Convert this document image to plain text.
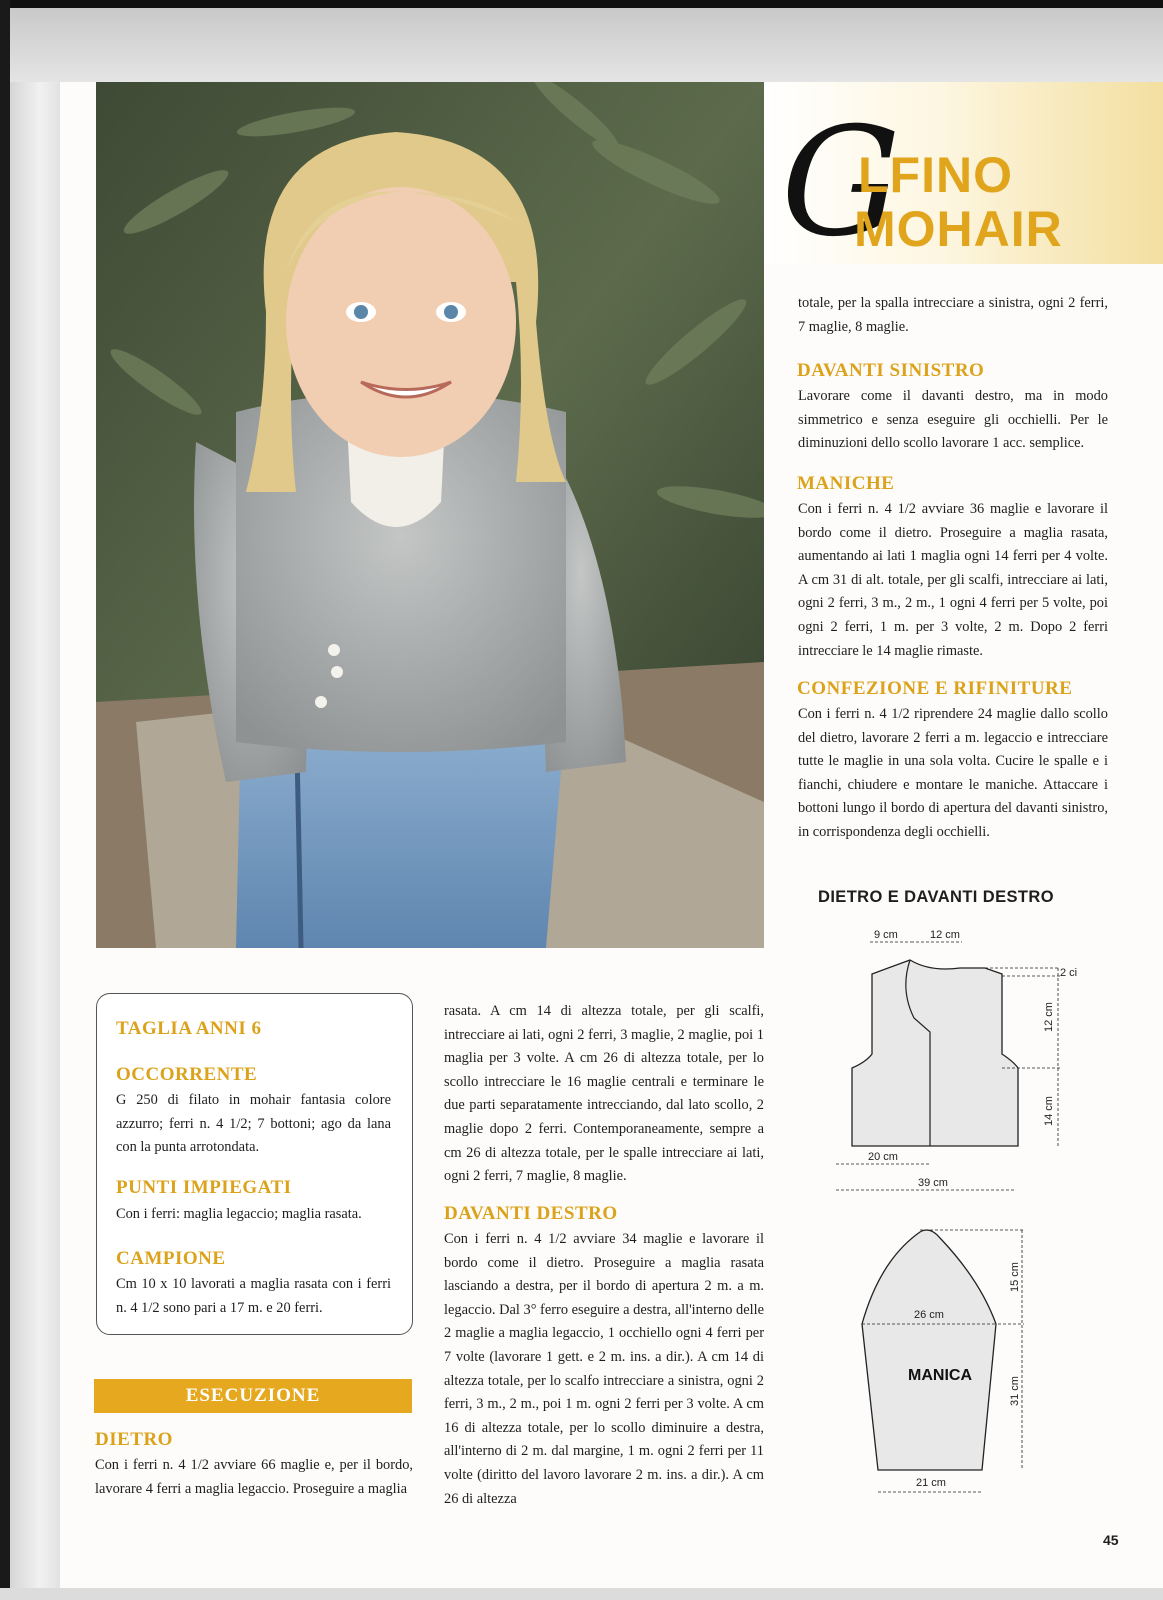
G
LFINO
MOHAIR
totale, per la spalla intrecciare a sinistra, ogni 2 ferri, 7 maglie, 8 maglie.
DAVANTI SINISTRO
Lavorare come il davanti destro, ma in modo simmetrico e senza eseguire gli occhielli. Per le diminuzioni dello scollo lavorare 1 acc. semplice.
MANICHE
Con i ferri n. 4 1/2 avviare 36 maglie e lavorare il bordo come il dietro. Proseguire a maglia rasata, aumentando ai lati 1 maglia ogni 14 ferri per 4 volte. A cm 31 di alt. totale, per gli scalfi, intrecciare ai lati, ogni 2 ferri, 3 m., 2 m., 1 ogni 4 ferri per 5 volte, poi ogni 2 ferri, 1 m. per 3 volte, 2 m. Dopo 2 ferri intrecciare le 14 maglie rimaste.
CONFEZIONE E RIFINITURE
Con i ferri n. 4 1/2 riprendere 24 maglie dallo scollo del dietro, lavorare 2 ferri a m. legaccio e intrecciare tutte le maglie in una sola volta. Cucire le spalle e i fianchi, chiudere e montare le maniche. Attaccare i bottoni lungo il bordo di apertura del davanti sinistro, in corrispondenza degli occhielli.
TAGLIA ANNI 6
OCCORRENTE
G 250 di filato in mohair fantasia colore azzurro; ferri n. 4 1/2; 7 bottoni; ago da lana con la punta arrotondata.
PUNTI IMPIEGATI
Con i ferri: maglia legaccio; maglia rasata.
CAMPIONE
Cm 10 x 10 lavorati a maglia rasata con i ferri n. 4 1/2 sono pari a 17 m. e 20 ferri.
ESECUZIONE
DIETRO
Con i ferri n. 4 1/2 avviare 66 maglie e, per il bordo, lavorare 4 ferri a maglia legaccio. Proseguire a maglia
rasata. A cm 14 di altezza totale, per gli scalfi, intrecciare ai lati, ogni 2 ferri, 3 maglie, 2 maglie, poi 1 maglia per 3 volte. A cm 26 di altezza totale, per lo scollo intrecciare le 16 maglie centrali e terminare le due parti separatamente intrecciando, dal lato scollo, 2 maglie dopo 2 ferri. Contemporaneamente, sempre a cm 26 di altezza totale, per le spalle intrecciare ai lati, ogni 2 ferri, 7 maglie, 8 maglie.
DAVANTI DESTRO
Con i ferri n. 4 1/2 avviare 34 maglie e lavorare il bordo come il dietro. Proseguire a maglia rasata lasciando a destra, per il bordo di apertura 2 m. a m. legaccio. Dal 3° ferro eseguire a destra, all'interno delle 2 maglie a maglia legaccio, 1 occhiello ogni 4 ferri per 7 volte (lavorare 1 gett. e 2 m. ins. a dir.). A cm 14 di altezza totale, per lo scalfo intrecciare a sinistra, ogni 2 ferri, 3 m., 2 m., poi 1 m. ogni 2 ferri per 3 volte. A cm 16 di altezza totale, per lo scollo diminuire a destra, all'interno di 2 m. dal margine, 1 m. ogni 2 ferri per 11 volte (diritto del lavoro lavorare 2 m. ins. a dir.). A cm 26 di altezza
DIETRO E DAVANTI DESTRO
9 cm	12 cm
2 ci
12 cm
14 cm
20 cm
39 cm
26 cm
15 cm
31 cm
21 cm
MANICA
45
